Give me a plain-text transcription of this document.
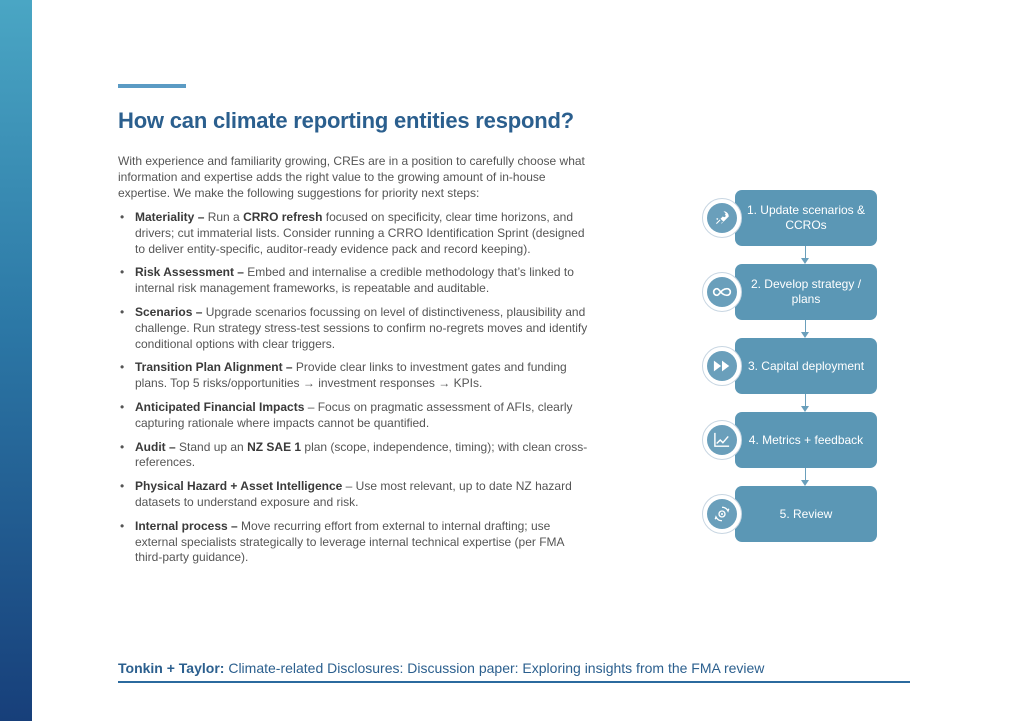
How can climate reporting entities respond?

With experience and familiarity growing, CREs are in a position to carefully choose what information and expertise adds the right value to the growing amount of in-house expertise. We make the following suggestions for priority next steps:

• Materiality – Run a CRRO refresh focused on specificity, clear time horizons, and drivers; cut immaterial lists. Consider running a CRRO Identification Sprint (designed to deliver entity-specific, auditor-ready evidence pack and record keeping).
• Risk Assessment – Embed and internalise a credible methodology that’s linked to internal risk management frameworks, is repeatable and auditable.
• Scenarios – Upgrade scenarios focussing on level of distinctiveness, plausibility and challenge. Run strategy stress-test sessions to confirm no-regrets moves and identify conditional options with clear triggers.
• Transition Plan Alignment – Provide clear links to investment gates and funding plans. Top 5 risks/opportunities → investment responses → KPIs.
• Anticipated Financial Impacts – Focus on pragmatic assessment of AFIs, clearly capturing rationale where impacts cannot be quantified.
• Audit – Stand up an NZ SAE 1 plan (scope, independence, timing); with clean cross-references.
• Physical Hazard + Asset Intelligence – Use most relevant, up to date NZ hazard datasets to understand exposure and risk.
• Internal process – Move recurring effort from external to internal drafting; use external specialists strategically to leverage internal technical expertise (per FMA third-party guidance).
1. Update scenarios & CCROs
2. Develop strategy / plans
3. Capital deployment
4. Metrics + feedback
5. Review

Tonkin + Taylor: Climate-related Disclosures: Discussion paper: Exploring insights from the FMA review
